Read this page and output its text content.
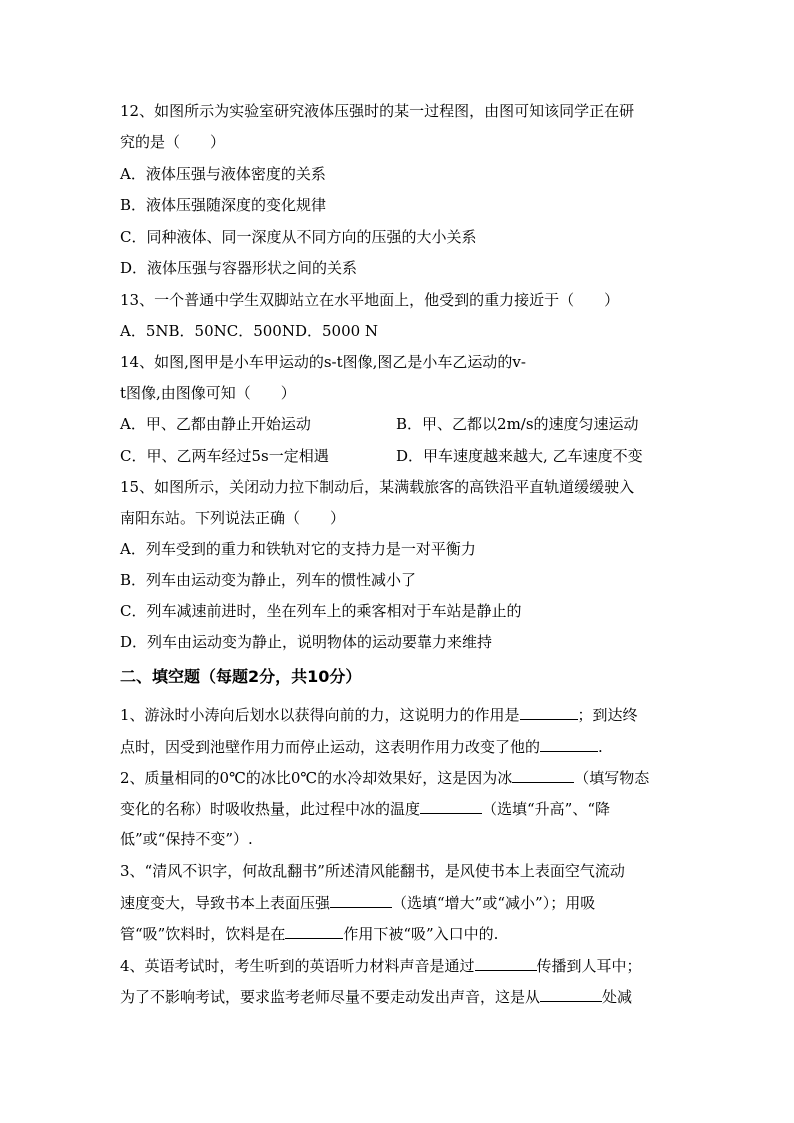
12、如图所示为实验室研究液体压强时的某一过程图，由图可知该同学正在研
究的是（　　）
A．液体压强与液体密度的关系
B．液体压强随深度的变化规律
C．同种液体、同一深度从不同方向的压强的大小关系
D．液体压强与容器形状之间的关系
13、一个普通中学生双脚站立在水平地面上，他受到的重力接近于（　　）
A．5NB．50NC．500ND．5000 N
14、如图,图甲是小车甲运动的s-t图像,图乙是小车乙运动的v-
t图像,由图像可知（　　）
A．甲、乙都由静止开始运动	B．甲、乙都以2m/s的速度匀速运动
C．甲、乙两车经过5s一定相遇	D．甲车速度越来越大, 乙车速度不变
15、如图所示，关闭动力拉下制动后，某满载旅客的高铁沿平直轨道缓缓驶入
南阳东站。下列说法正确（　　）
A．列车受到的重力和铁轨对它的支持力是一对平衡力
B．列车由运动变为静止，列车的惯性减小了
C．列车减速前进时，坐在列车上的乘客相对于车站是静止的
D．列车由运动变为静止，说明物体的运动要靠力来维持
二、填空题（每题2分，共10分）
1、游泳时小涛向后划水以获得向前的力，这说明力的作用是	；到达终
点时，因受到池壁作用力而停止运动，这表明作用力改变了他的	.
2、质量相同的0℃的冰比0℃的水冷却效果好，这是因为冰	（填写物态
变化的名称）时吸收热量，此过程中冰的温度	（选填“升高”、“降
低”或“保持不变”）.
3、“清风不识字，何故乱翻书”所述清风能翻书，是风使书本上表面空气流动
速度变大，导致书本上表面压强	（选填“增大”或“减小”）；用吸
管“吸”饮料时，饮料是在	作用下被“吸”入口中的.
4、英语考试时，考生听到的英语听力材料声音是通过	传播到人耳中；
为了不影响考试，要求监考老师尽量不要走动发出声音，这是从	处减
